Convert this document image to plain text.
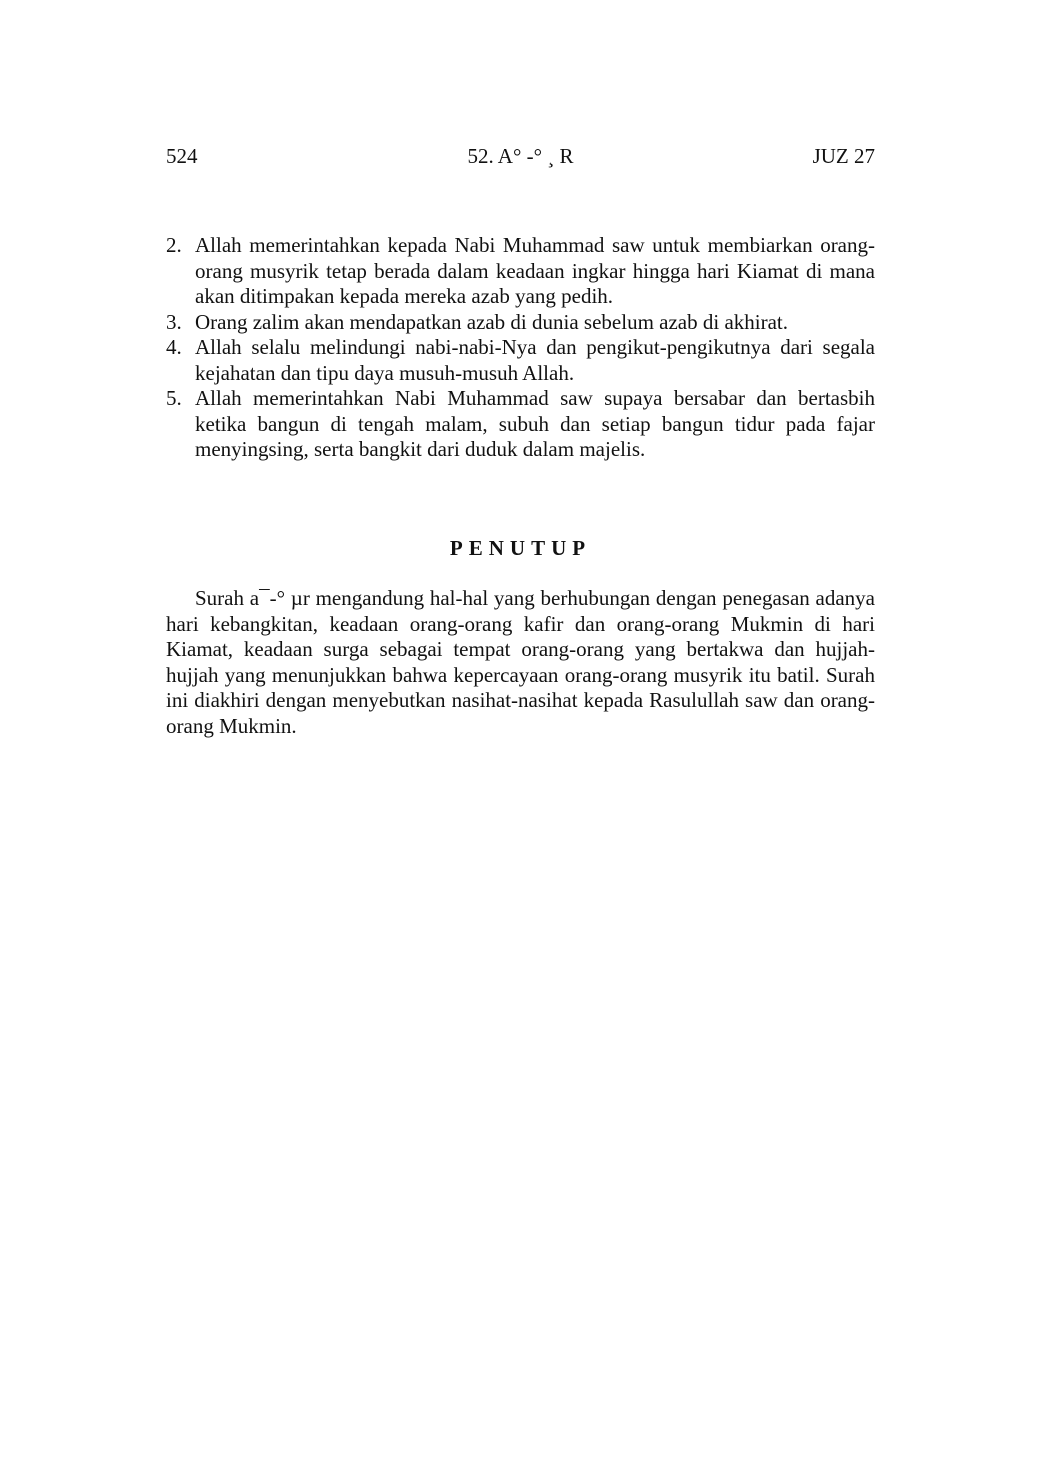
524	52. A° -° ¸ R	JUZ 27
2. Allah memerintahkan kepada Nabi Muhammad saw untuk membiarkan orang-orang musyrik tetap berada dalam keadaan ingkar hingga hari Kiamat di mana akan ditimpakan kepada mereka azab yang pedih.
3. Orang zalim akan mendapatkan azab di dunia sebelum azab di akhirat.
4. Allah selalu melindungi nabi-nabi-Nya dan pengikut-pengikutnya dari segala kejahatan dan tipu daya musuh-musuh Allah.
5. Allah memerintahkan Nabi Muhammad saw supaya bersabar dan bertasbih ketika bangun di tengah malam, subuh dan setiap bangun tidur pada fajar menyingsing, serta bangkit dari duduk dalam majelis.
PENUTUP

Surah a¯-° µr mengandung hal-hal yang berhubungan dengan penegasan adanya hari kebangkitan, keadaan orang-orang kafir dan orang-orang Mukmin di hari Kiamat, keadaan surga sebagai tempat orang-orang yang bertakwa dan hujjah-hujjah yang menunjukkan bahwa kepercayaan orang-orang musyrik itu batil. Surah ini diakhiri dengan menyebutkan nasihat-nasihat kepada Rasulullah saw dan orang-orang Mukmin.
